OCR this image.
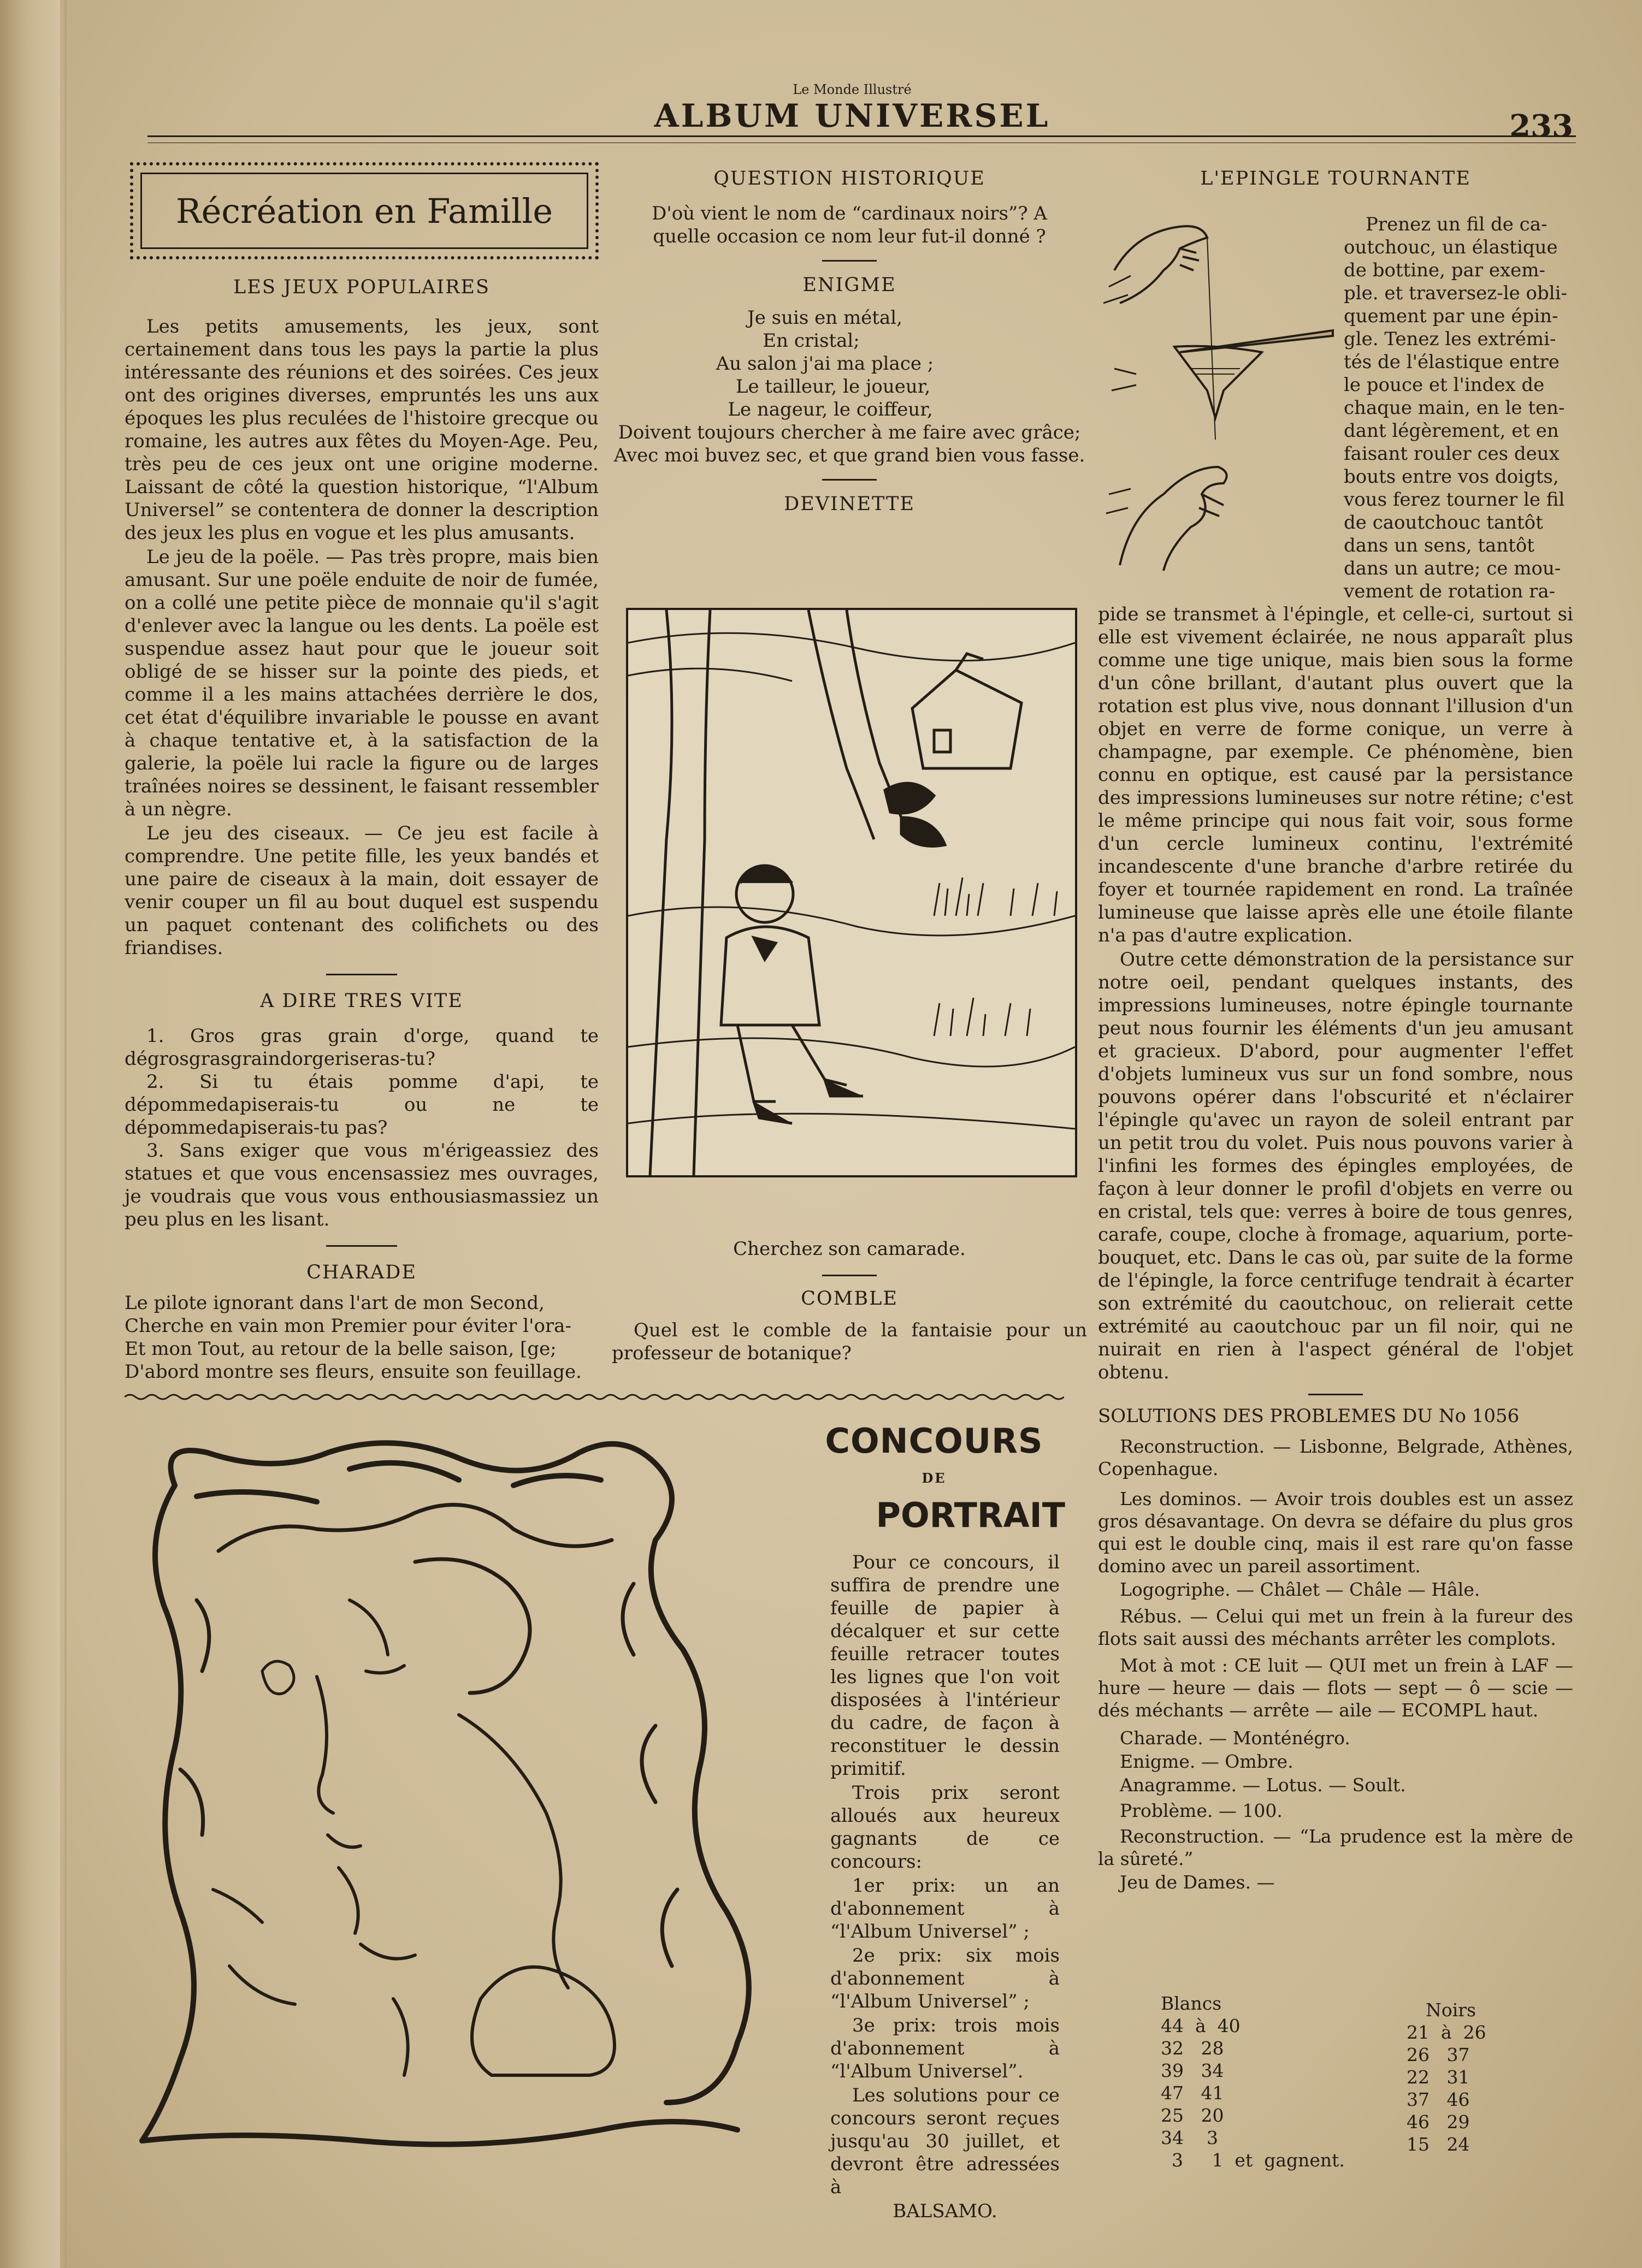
Le Monde Illustré
ALBUM UNIVERSEL	233
Récréation en Famille
LES JEUX POPULAIRES

Les petits amusements, les jeux, sont certainement dans tous les pays la partie la plus intéressante des réunions et des soirées. Ces jeux ont des origines diverses, empruntés les uns aux époques les plus reculées de l'histoire grecque ou romaine, les autres aux fêtes du Moyen-Age. Peu, très peu de ces jeux ont une origine moderne. Laissant de côté la question historique, “l'Album Universel” se contentera de donner la description des jeux les plus en vogue et les plus amusants.

Le jeu de la poële. — Pas très propre, mais bien amusant. Sur une poële enduite de noir de fumée, on a collé une petite pièce de monnaie qu'il s'agit d'enlever avec la langue ou les dents. La poële est suspendue assez haut pour que le joueur soit obligé de se hisser sur la pointe des pieds, et comme il a les mains attachées derrière le dos, cet état d'équilibre invariable le pousse en avant à chaque tentative et, à la satisfaction de la galerie, la poële lui racle la figure ou de larges traînées noires se dessinent, le faisant ressembler à un nègre.

Le jeu des ciseaux. — Ce jeu est facile à comprendre. Une petite fille, les yeux bandés et une paire de ciseaux à la main, doit essayer de venir couper un fil au bout duquel est suspendu un paquet contenant des colifichets ou des friandises.

A DIRE TRES VITE
1. Gros gras grain d'orge, quand te dégrosgrasgraindorgeriseras-tu?
2. Si tu étais pomme d'api, te dépommedapiserais-tu ou ne te dépommedapiserais-tu pas?
3. Sans exiger que vous m'érigeassiez des statues et que vous encensassiez mes ouvrages, je voudrais que vous vous enthousiasmassiez un peu plus en les lisant.
CHARADE
Le pilote ignorant dans l'art de mon Second,
Cherche en vain mon Premier pour éviter l'ora-
Et mon Tout, au retour de la belle saison, [ge;
D'abord montre ses fleurs, ensuite son feuillage.
QUESTION HISTORIQUE
D'où vient le nom de “cardinaux noirs”? A quelle occasion ce nom leur fut-il donné ?
ENIGME
Je suis en métal,
En cristal;
Au salon j'ai ma place ;
Le tailleur, le joueur,
Le nageur, le coiffeur,
Doivent toujours chercher à me faire avec grâce;
Avec moi buvez sec, et que grand bien vous fasse.
DEVINETTE
Cherchez son camarade.
COMBLE

Quel est le comble de la fantaisie pour un professeur de botanique?

L'EPINGLE TOURNANTE
Prenez un fil de ca-
outchouc, un élastique
de bottine, par exem-
ple. et traversez-le obli-
quement par une épin-
gle. Tenez les extrémi-
tés de l'élastique entre
le pouce et l'index de
chaque main, en le ten-
dant légèrement, et en
faisant rouler ces deux
bouts entre vos doigts,
vous ferez tourner le fil
de caoutchouc tantôt
dans un sens, tantôt
dans un autre; ce mou-
vement de rotation ra-

pide se transmet à l'épingle, et celle-ci, surtout si elle est vivement éclairée, ne nous apparaît plus comme une tige unique, mais bien sous la forme d'un cône brillant, d'autant plus ouvert que la rotation est plus vive, nous donnant l'illusion d'un objet en verre de forme conique, un verre à champagne, par exemple. Ce phénomène, bien connu en optique, est causé par la persistance des impressions lumineuses sur notre rétine; c'est le même principe qui nous fait voir, sous forme d'un cercle lumineux continu, l'extrémité incandescente d'une branche d'arbre retirée du foyer et tournée rapidement en rond. La traînée lumineuse que laisse après elle une étoile filante n'a pas d'autre explication.

Outre cette démonstration de la persistance sur notre oeil, pendant quelques instants, des impressions lumineuses, notre épingle tournante peut nous fournir les éléments d'un jeu amusant et gracieux. D'abord, pour augmenter l'effet d'objets lumineux vus sur un fond sombre, nous pouvons opérer dans l'obscurité et n'éclairer l'épingle qu'avec un rayon de soleil entrant par un petit trou du volet. Puis nous pouvons varier à l'infini les formes des épingles employées, de façon à leur donner le profil d'objets en verre ou en cristal, tels que: verres à boire de tous genres, carafe, coupe, cloche à fromage, aquarium, porte-bouquet, etc. Dans le cas où, par suite de la forme de l'épingle, la force centrifuge tendrait à écarter son extrémité du caoutchouc, on relierait cette extrémité au caoutchouc par un fil noir, qui ne nuirait en rien à l'aspect général de l'objet obtenu.

CONCOURS
DE
PORTRAIT

Pour ce concours, il suffira de prendre une feuille de papier à décalquer et sur cette feuille retracer toutes les lignes que l'on voit disposées à l'intérieur du cadre, de façon à reconstituer le dessin primitif.

Trois prix seront alloués aux heureux gagnants de ce concours:

1er prix: un an d'abonnement à “l'Album Universel” ;

2e prix: six mois d'abonnement à “l'Album Universel” ;

3e prix: trois mois d'abonnement à “l'Album Universel”.

Les solutions pour ce concours seront reçues jusqu'au 30 juillet, et devront être adressées à

BALSAMO.
SOLUTIONS DES PROBLEMES DU No 1056

Reconstruction. — Lisbonne, Belgrade, Athènes, Copenhague.

Les dominos. — Avoir trois doubles est un assez gros désavantage. On devra se défaire du plus gros qui est le double cinq, mais il est rare qu'on fasse domino avec un pareil assortiment.

Logogriphe. — Châlet — Châle — Hâle.

Rébus. — Celui qui met un frein à la fureur des flots sait aussi des méchants arrêter les complots.

Mot à mot : CE luit — QUI met un frein à LAF — hure — heure — dais — flots — sept — ô — scie — dés méchants — arrête — aile — ECOMPL haut.

Charade. — Monténégro.

Enigme. — Ombre.

Anagramme. — Lotus. — Soult.

Problème. — 100.

Reconstruction. — “La prudence est la mère de la sûreté.”

Jeu de Dames. —

Blancs
44  à  40
32   28
39   34
47   41
25   20
34    3
3     1  et  gagnent.
Noirs
21  à  26
26   37
22   31
37   46
46   29
15   24
